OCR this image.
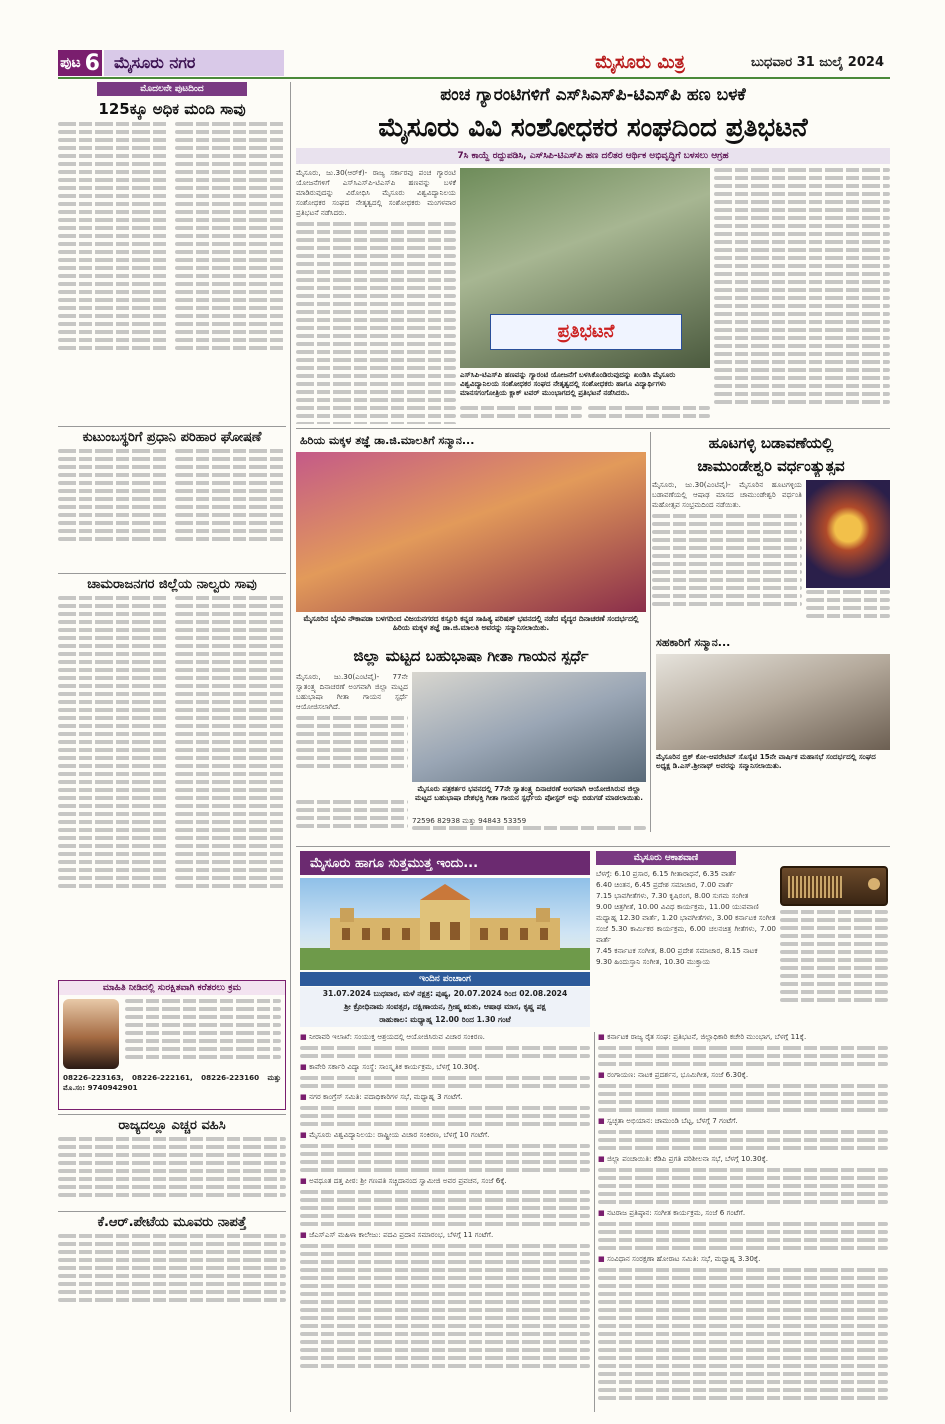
ಪುಟ 6 ಮೈಸೂರು ನಗರ	ಮೈಸೂರು ಮಿತ್ರ	ಬುಧವಾರ 31 ಜುಲೈ 2024
ಮೊದಲನೇ ಪುಟದಿಂದ
125ಕ್ಕೂ ಅಧಿಕ ಮಂದಿ ಸಾವು
ಕುಟುಂಬಸ್ಥರಿಗೆ ಪ್ರಧಾನಿ ಪರಿಹಾರ ಘೋಷಣೆ
ಚಾಮರಾಜನಗರ ಜಿಲ್ಲೆಯ ನಾಲ್ವರು ಸಾವು
ಮಾಹಿತಿ ನೀಡಿದಲ್ಲಿ ಸುರಕ್ಷಿತವಾಗಿ ಕರೆತರಲು ಕ್ರಮ
08226-223163, 08226-222161, 08226-223160 ಮತ್ತು ಮೊ.ಸಂ: 9740942901
ರಾಜ್ಯದಲ್ಲೂ ಎಚ್ಚರ ವಹಿಸಿ
ಕೆ.ಆರ್.ಪೇಟೆಯ ಮೂವರು ನಾಪತ್ತೆ
ಪಂಚ ಗ್ಯಾರಂಟಿಗಳಿಗೆ ಎಸ್‌ಸಿಎಸ್‌ಪಿ-ಟಿಎಸ್‌ಪಿ ಹಣ ಬಳಕೆ
ಮೈಸೂರು ವಿವಿ ಸಂಶೋಧಕರ ಸಂಘದಿಂದ ಪ್ರತಿಭಟನೆ
7ಸಿ ಕಾಯ್ದೆ ರದ್ದುಪಡಿಸಿ, ಎಸ್‌ಸಿಪಿ-ಟಿಎಸ್‌ಪಿ ಹಣ ದಲಿತರ ಆರ್ಥಿಕ ಅಭಿವೃದ್ಧಿಗೆ ಬಳಸಲು ಆಗ್ರಹ

ಮೈಸೂರು, ಜು.30(ಆರ್‌ಕೆ)- ರಾಜ್ಯ ಸರ್ಕಾರವು ಪಂಚ ಗ್ಯಾರಂಟಿ ಯೋಜನೆಗಳಿಗೆ ಎಸ್‌ಸಿಎಸ್‌ಪಿ-ಟಿಎಸ್‌ಪಿ ಹಣವನ್ನು ಬಳಕೆ ಮಾಡಿರುವುದನ್ನು ವಿರೋಧಿಸಿ ಮೈಸೂರು ವಿಶ್ವವಿದ್ಯಾನಿಲಯ ಸಂಶೋಧಕರ ಸಂಘದ ನೇತೃತ್ವದಲ್ಲಿ ಸಂಶೋಧಕರು ಮಂಗಳವಾರ ಪ್ರತಿಭಟನೆ ನಡೆಸಿದರು.

ಪ್ರತಿಭಟನೆ
ಎಸ್‌ಸಿಪಿ-ಟಿಎಸ್‌ಪಿ ಹಣವನ್ನು ಗ್ಯಾರಂಟಿ ಯೋಜನೆಗೆ ಬಳಸಿಕೊಂಡಿರುವುದನ್ನು ಖಂಡಿಸಿ ಮೈಸೂರು ವಿಶ್ವವಿದ್ಯಾನಿಲಯ ಸಂಶೋಧಕರ ಸಂಘದ ನೇತೃತ್ವದಲ್ಲಿ ಸಂಶೋಧಕರು ಹಾಗೂ ವಿದ್ಯಾರ್ಥಿಗಳು ಮಾನಸಗಂಗೋತ್ರಿಯ ಕ್ಲಾಕ್ ಟವರ್ ಮುಂಭಾಗದಲ್ಲಿ ಪ್ರತಿಭಟನೆ ನಡೆಸಿದರು.
ಹಿರಿಯ ಮಕ್ಕಳ ತಜ್ಞೆ ಡಾ.ಜಿ.ಮಾಲತಿಗೆ ಸನ್ಮಾನ...
ಮೈಸೂರಿನ ಬೈರವಿ ನೌಕಾಪಡಾ ಬಳಗದಿಂದ ವಿಜಯನಗರದ ಕಸ್ತೂರಿ ಕನ್ನಡ ಸಾಹಿತ್ಯ ಪರಿಷತ್ ಭವನದಲ್ಲಿ ನಡೆದ ವೈದ್ಯರ ದಿನಾಚರಣೆ ಸಂದರ್ಭದಲ್ಲಿ ಹಿರಿಯ ಮಕ್ಕಳ ತಜ್ಞೆ ಡಾ.ಜಿ.ಮಾಲತಿ ಅವರನ್ನು ಸನ್ಮಾನಿಸಲಾಯಿತು.
ಹೂಟಗಳ್ಳಿ ಬಡಾವಣೆಯಲ್ಲಿ
ಚಾಮುಂಡೇಶ್ವರಿ ವರ್ಧಂತ್ಯುತ್ಸವ

ಮೈಸೂರು, ಜು.30(ಎಂಟಿವೈ)- ಮೈಸೂರಿನ ಹೂಟಗಳ್ಳಿಯ ಬಡಾವಣೆಯಲ್ಲಿ ಆಷಾಢ ಮಾಸದ ಚಾಮುಂಡೇಶ್ವರಿ ವರ್ಧಂತಿ ಮಹೋತ್ಸವ ಸಂಭ್ರಮದಿಂದ ನಡೆಯಿತು.

ಜಿಲ್ಲಾ ಮಟ್ಟದ ಬಹುಭಾಷಾ ಗೀತಾ ಗಾಯನ ಸ್ಪರ್ಧೆ

ಮೈಸೂರು, ಜು.30(ಎಂಟಿವೈ)- 77ನೇ ಸ್ವಾತಂತ್ರ್ಯ ದಿನಾಚರಣೆ ಅಂಗವಾಗಿ ಜಿಲ್ಲಾ ಮಟ್ಟದ ಬಹುಭಾಷಾ ಗೀತಾ ಗಾಯನ ಸ್ಪರ್ಧೆ ಆಯೋಜಿಸಲಾಗಿದೆ.

ಮೈಸೂರು ಪತ್ರಕರ್ತರ ಭವನದಲ್ಲಿ 77ನೇ ಸ್ವಾತಂತ್ರ್ಯ ದಿನಾಚರಣೆ ಅಂಗವಾಗಿ ಆಯೋಜಿಸಿರುವ ಜಿಲ್ಲಾ ಮಟ್ಟದ ಬಹುಭಾಷಾ ದೇಶಭಕ್ತಿ ಗೀತಾ ಗಾಯನ ಸ್ಪರ್ಧೆಯ ಪೋಸ್ಟರ್ ಅನ್ನು ಬಿಡುಗಡೆ ಮಾಡಲಾಯಿತು.

72596 82938 ಮತ್ತು 94843 53359

ಸಹಕಾರಿಗೆ ಸನ್ಮಾನ...
ಮೈಸೂರಿನ ಬ್ರಿಕ್ ಕೋ-ಆಪರೇಟಿವ್ ಸೊಸೈಟಿ 15ನೇ ವಾರ್ಷಿಕ ಮಹಾಸಭೆ ಸಂದರ್ಭದಲ್ಲಿ ಸಂಘದ ಅಧ್ಯಕ್ಷ ಡಿ.ಎಸ್.ಶ್ರೀನಾಥ್ ಅವರನ್ನು ಸನ್ಮಾನಿಸಲಾಯಿತು.
ಮೈಸೂರು ಹಾಗೂ ಸುತ್ತಮುತ್ತ ಇಂದು...
ಇಂದಿನ ಪಂಚಾಂಗ
31.07.2024 ಬುಧವಾರ, ಮಳೆ ನಕ್ಷತ್ರ: ಪುಷ್ಯ, 20.07.2024 ರಿಂದ 02.08.2024
ಶ್ರೀ ಕ್ರೋಧಿನಾಮ ಸಂವತ್ಸರ, ದಕ್ಷಿಣಾಯನ, ಗ್ರೀಷ್ಮ ಋತು, ಆಷಾಢ ಮಾಸ, ಕೃಷ್ಣ ಪಕ್ಷ
ರಾಹುಕಾಲ: ಮಧ್ಯಾಹ್ನ 12.00 ರಿಂದ 1.30 ಗಂಟೆ
ಮೈಸೂರು ಆಕಾಶವಾಣಿ
ಬೆಳಗ್ಗೆ: 6.10 ಪ್ರಸಾರ, 6.15 ಗೀತಾರಾಧನೆ, 6.35 ವಾರ್ತೆ
6.40 ಚಿಂತನ, 6.45 ಪ್ರದೇಶ ಸಮಾಚಾರ, 7.00 ವಾರ್ತೆ
7.15 ಭಾವಗೀತೆಗಳು, 7.30 ಕೃಷಿರಂಗ, 8.00 ಸುಗಮ ಸಂಗೀತ
9.00 ಚಿತ್ರಗೀತೆ, 10.00 ವಿವಿಧ ಕಾರ್ಯಕ್ರಮ, 11.00 ಯುವವಾಣಿ
ಮಧ್ಯಾಹ್ನ 12.30 ವಾರ್ತೆ, 1.20 ಭಾವಗೀತೆಗಳು, 3.00 ಕರ್ನಾಟಕ ಸಂಗೀತ
ಸಂಜೆ 5.30 ಕಾರ್ಮಿಕರ ಕಾರ್ಯಕ್ರಮ, 6.00 ಚಲನಚಿತ್ರ ಗೀತೆಗಳು, 7.00 ವಾರ್ತೆ
7.45 ಕರ್ನಾಟಕ ಸಂಗೀತ, 8.00 ಪ್ರದೇಶ ಸಮಾಚಾರ, 8.15 ನಾಟಕ
9.30 ಹಿಂದುಸ್ತಾನಿ ಸಂಗೀತ, 10.30 ಮುಕ್ತಾಯ

■ ನೀರಾವರಿ ಇಲಾಖೆ: ಸಂಯುಕ್ತ ಆಶ್ರಯದಲ್ಲಿ ಆಯೋಜಿಸಿರುವ ವಿಚಾರ ಸಂಕಿರಣ.

■ ಕಾವೇರಿ ಸರ್ಕಾರಿ ವಿದ್ಯಾ ಸಂಸ್ಥೆ: ಸಾಂಸ್ಕೃತಿಕ ಕಾರ್ಯಕ್ರಮ, ಬೆಳಗ್ಗೆ 10.30ಕ್ಕೆ.

■ ನಗರ ಕಾಂಗ್ರೆಸ್ ಸಮಿತಿ: ಪದಾಧಿಕಾರಿಗಳ ಸಭೆ, ಮಧ್ಯಾಹ್ನ 3 ಗಂಟೆಗೆ.

■ ಮೈಸೂರು ವಿಶ್ವವಿದ್ಯಾನಿಲಯ: ರಾಷ್ಟ್ರೀಯ ವಿಚಾರ ಸಂಕಿರಣ, ಬೆಳಗ್ಗೆ 10 ಗಂಟೆಗೆ.

■ ಅವಧೂತ ದತ್ತ ಪೀಠ: ಶ್ರೀ ಗಣಪತಿ ಸಚ್ಚಿದಾನಂದ ಸ್ವಾಮೀಜಿ ಅವರ ಪ್ರವಚನ, ಸಂಜೆ 6ಕ್ಕೆ.

■ ಜೆಎಸ್‌ಎಸ್ ಮಹಿಳಾ ಕಾಲೇಜು: ಪದವಿ ಪ್ರದಾನ ಸಮಾರಂಭ, ಬೆಳಗ್ಗೆ 11 ಗಂಟೆಗೆ.

■ ಕರ್ನಾಟಕ ರಾಜ್ಯ ರೈತ ಸಂಘ: ಪ್ರತಿಭಟನೆ, ಜಿಲ್ಲಾಧಿಕಾರಿ ಕಚೇರಿ ಮುಂಭಾಗ, ಬೆಳಗ್ಗೆ 11ಕ್ಕೆ.

■ ರಂಗಾಯಣ: ನಾಟಕ ಪ್ರದರ್ಶನ, ಭೂಮಿಗೀತ, ಸಂಜೆ 6.30ಕ್ಕೆ.

■ ಸ್ವಚ್ಛತಾ ಅಭಿಯಾನ: ಚಾಮುಂಡಿ ಬೆಟ್ಟ, ಬೆಳಗ್ಗೆ 7 ಗಂಟೆಗೆ.

■ ಜಿಲ್ಲಾ ಪಂಚಾಯಿತಿ: ಕೆಡಿಪಿ ಪ್ರಗತಿ ಪರಿಶೀಲನಾ ಸಭೆ, ಬೆಳಗ್ಗೆ 10.30ಕ್ಕೆ.

■ ನಟರಾಜ ಪ್ರತಿಷ್ಠಾನ: ಸಂಗೀತ ಕಾರ್ಯಕ್ರಮ, ಸಂಜೆ 6 ಗಂಟೆಗೆ.

■ ಸಂವಿಧಾನ ಸಂರಕ್ಷಣಾ ಹೋರಾಟ ಸಮಿತಿ: ಸಭೆ, ಮಧ್ಯಾಹ್ನ 3.30ಕ್ಕೆ.
